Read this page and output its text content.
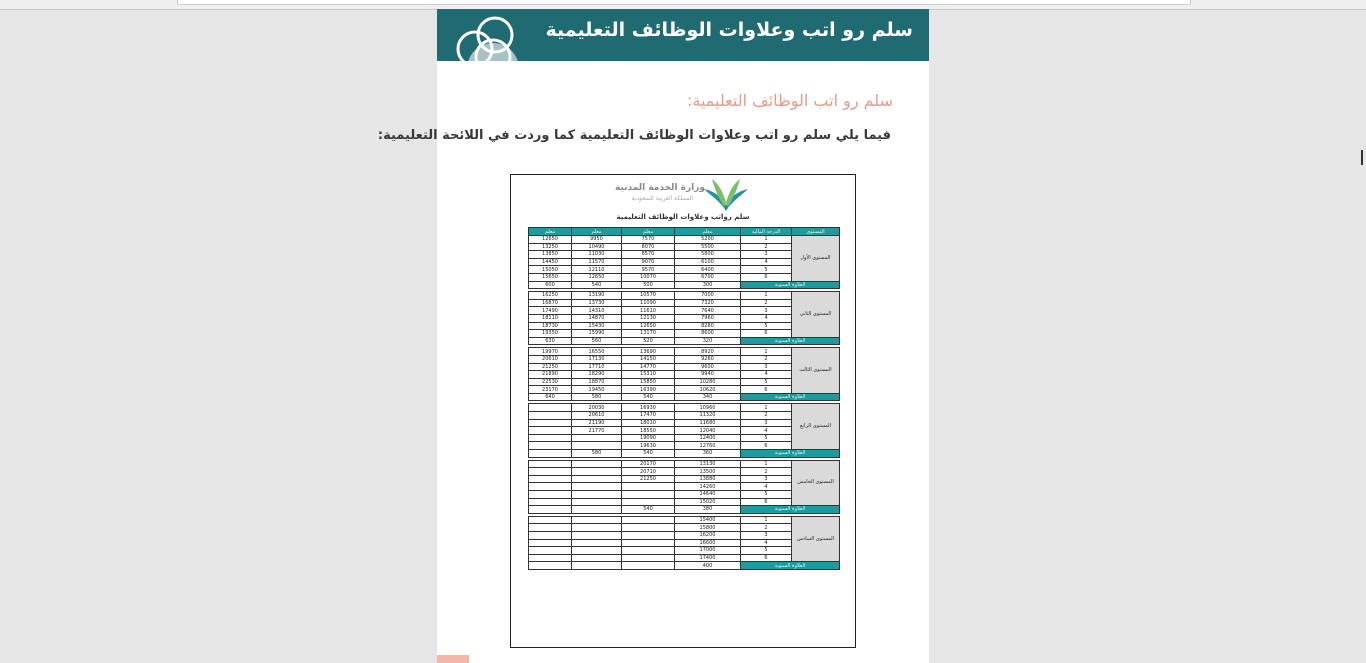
سلم رو اتب وعلاوات الوظائف التعليمية
سلم رو اتب الوظائف التعليمية:
فيما يلي سلم رو اتب وعلاوات الوظائف التعليمية كما وردت في اللائحة التعليمية:
وزارة الخدمة المدنية
المملكة العربية السعودية
سلم رواتب وعلاوات الوظائف التعليمية
معلم	معلم	معلم	معلم	الدرجة المالية	المستوى
12650	9950	7570	5200	1	المستوى الأول
13250	10490	8070	5500	2	
13850	11030	8570	5800	3	
14450	11570	9070	6100	4	
15050	12110	9570	6400	5	
15650	12650	10070	6700	6	
600	540	500	300	العلاوة السنوية	

16250	13190	10570	7000	1	المستوى الثاني
16870	13730	11090	7320	2	
17490	14310	11610	7640	3	
18110	14870	12130	7960	4	
18730	15430	12650	8280	5	
19350	15990	13170	8600	6	
630	560	520	320	العلاوة السنوية	

19970	16550	13690	8920	1	المستوى الثالث
20610	17130	14150	9260	2	
21250	17710	14770	9600	3	
21890	18290	15310	9940	4	
22530	18870	15850	10280	5	
23170	19450	16390	10620	6	
640	580	540	340	العلاوة السنوية	

	20030	16930	10960	1	المستوى الرابع
	20610	17470	11320	2	
	21190	18010	11680	3	
	21770	18550	12040	4	
		19090	12400	5	
		19630	12760	6	
	580	540	360	العلاوة السنوية	

		20170	13130	1	المستوى الخامس
		20710	13500	2	
		21250	13880	3	
			14260	4	
			14640	5	
			15020	6	
		540	380	العلاوة السنوية	

			15400	1	المستوى السادس
			15800	2	
			16200	3	
			16600	4	
			17000	5	
			17400	6	
			400	العلاوة السنوية	
